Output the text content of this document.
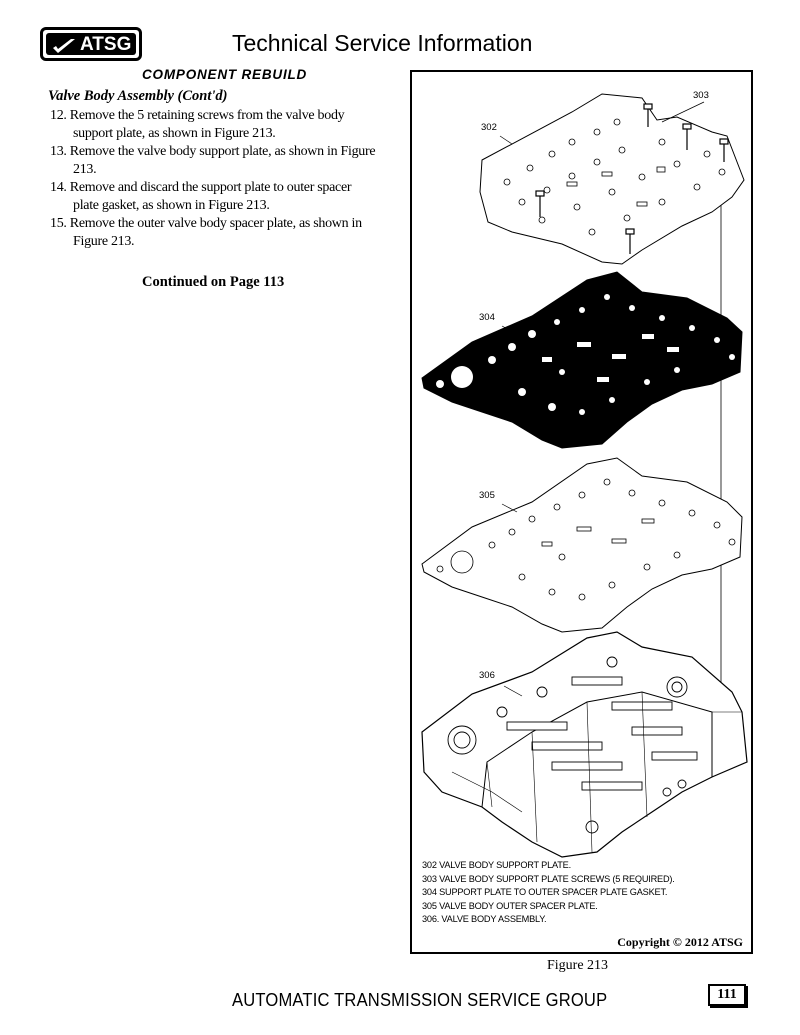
ATSG	Technical Service Information
COMPONENT REBUILD
Valve Body Assembly (Cont'd)

12. Remove the 5 retaining screws from the valve body support plate, as shown in Figure 213.

13. Remove the valve body support plate, as shown in Figure 213.

14. Remove and discard the support plate to outer spacer plate gasket, as shown in Figure 213.

15. Remove the outer valve body spacer plate, as shown in Figure 213.

Continued on Page 113
302
303
304
305
306
302 VALVE BODY SUPPORT PLATE.
303 VALVE BODY SUPPORT PLATE SCREWS (5 REQUIRED).
304 SUPPORT PLATE TO OUTER SPACER PLATE GASKET.
305 VALVE BODY OUTER SPACER PLATE.
306. VALVE BODY ASSEMBLY.
Copyright © 2012 ATSG
Figure 213
AUTOMATIC TRANSMISSION SERVICE GROUP	111
